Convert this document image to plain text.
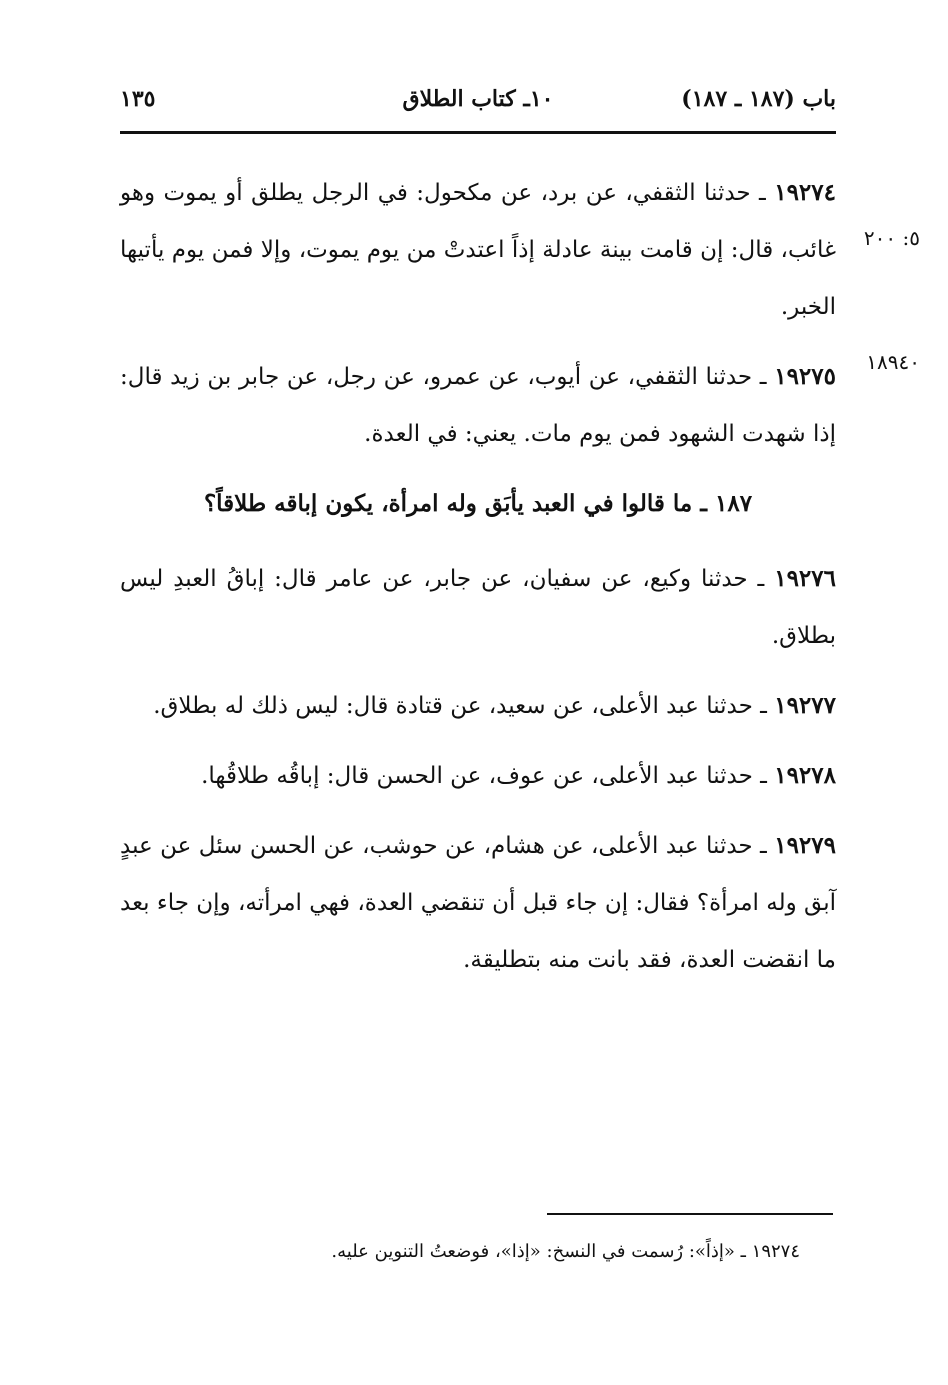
باب (١٨٧ ـ ١٨٧)
١٠ـ كتاب الطلاق
١٣٥
٥: ٢٠٠
١٨٩٤٠

١٩٢٧٤ ـ حدثنا الثقفي، عن برد، عن مكحول: في الرجل يطلق أو يموت وهو غائب، قال: إن قامت بينة عادلة إذاً اعتدتْ من يوم يموت، وإلا فمن يوم يأتيها الخبر.

١٩٢٧٥ ـ حدثنا الثقفي، عن أيوب، عن عمرو، عن رجل، عن جابر بن زيد قال: إذا شهدت الشهود فمن يوم مات. يعني: في العدة.

١٨٧ ـ ما قالوا في العبد يأبَق وله امرأة، يكون إباقه طلاقاً؟

١٩٢٧٦ ـ حدثنا وكيع، عن سفيان، عن جابر، عن عامر قال: إباقُ العبدِ ليس بطلاق.

١٩٢٧٧ ـ حدثنا عبد الأعلى، عن سعيد، عن قتادة قال: ليس ذلك له بطلاق.

١٩٢٧٨ ـ حدثنا عبد الأعلى، عن عوف، عن الحسن قال: إباقُه طلاقُها.

١٩٢٧٩ ـ حدثنا عبد الأعلى، عن هشام، عن حوشب، عن الحسن سئل عن عبدٍ آبق وله امرأة؟ فقال: إن جاء قبل أن تنقضي العدة، فهي امرأته، وإن جاء بعد ما انقضت العدة، فقد بانت منه بتطليقة.

١٩٢٧٤ ـ «إذاً»: رُسمت في النسخ: «إذا»، فوضعتُ التنوين عليه.
